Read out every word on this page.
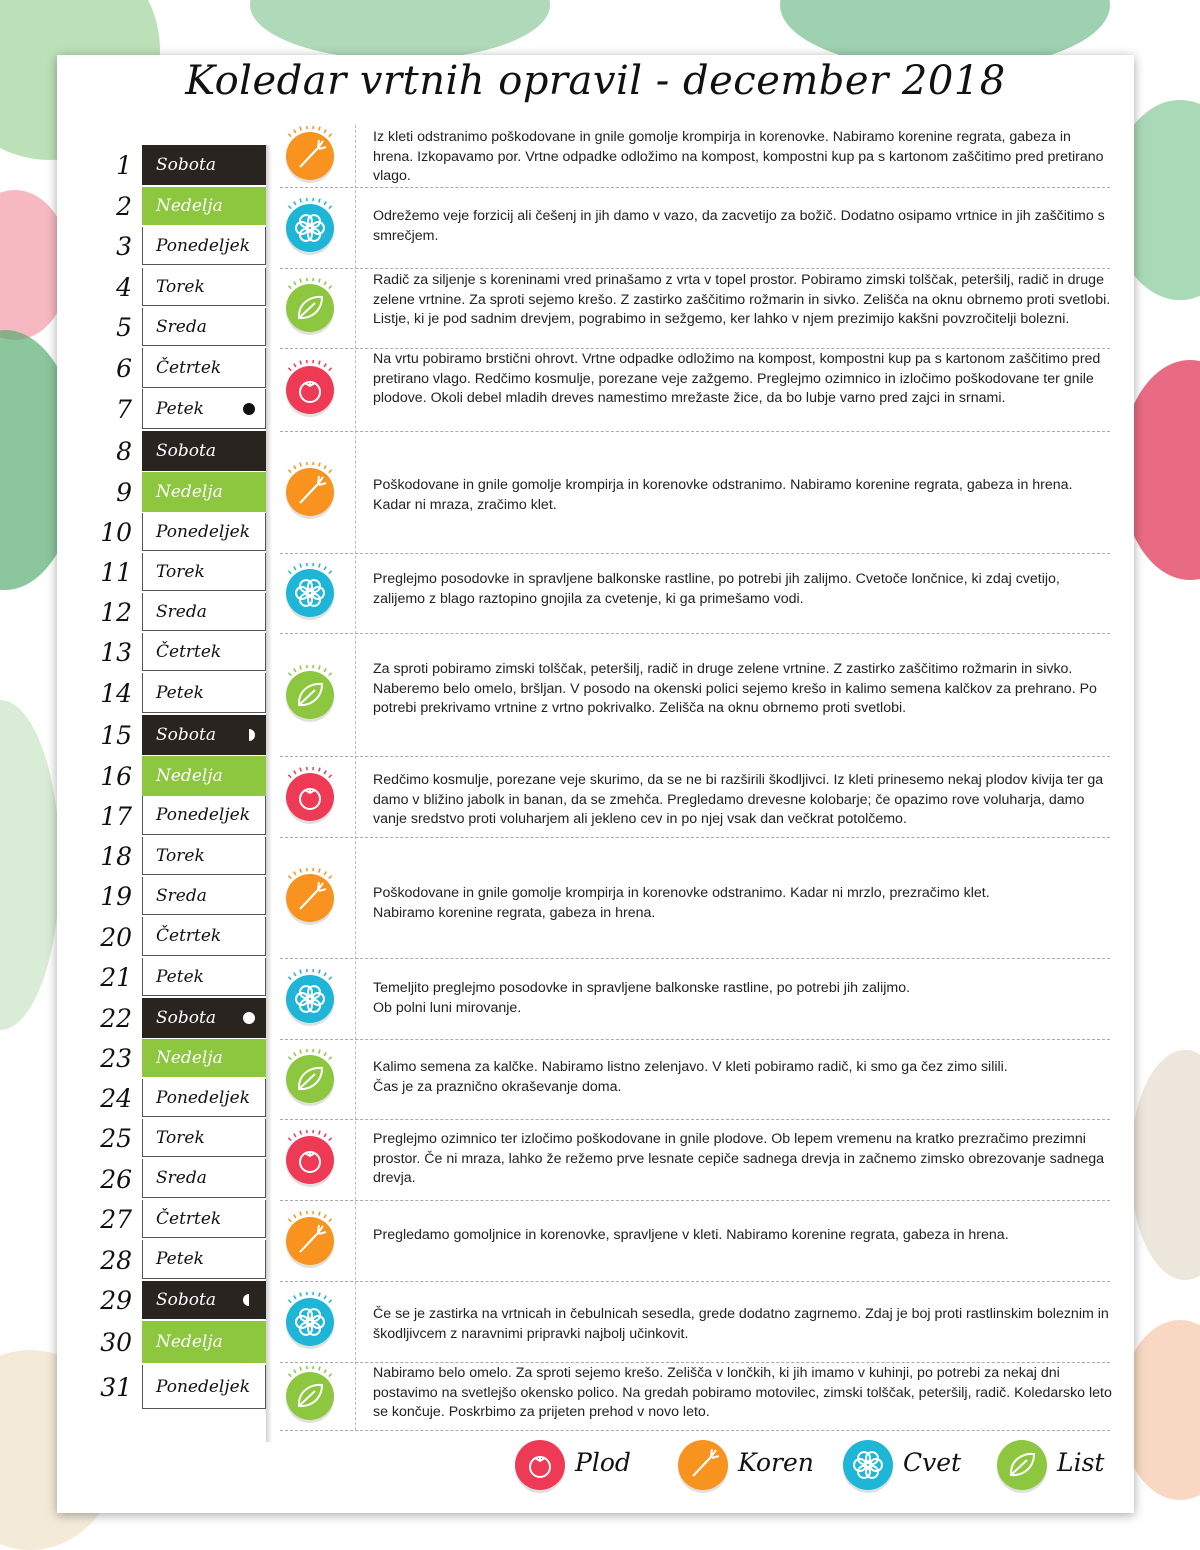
Koledar vrtnih opravil - december 2018
1 Sobota
2 Nedelja
3 Ponedeljek
4 Torek
5 Sreda
6 Četrtek
7 Petek
8 Sobota
9 Nedelja
10 Ponedeljek
11 Torek
12 Sreda
13 Četrtek
14 Petek
15 Sobota
16 Nedelja
17 Ponedeljek
18 Torek
19 Sreda
20 Četrtek
21 Petek
22 Sobota
23 Nedelja
24 Ponedeljek
25 Torek
26 Sreda
27 Četrtek
28 Petek
29 Sobota
30 Nedelja
31 Ponedeljek
Iz kleti odstranimo poškodovane in gnile gomolje krompirja in korenovke. Nabiramo korenine regrata, gabeza in hrena. Izkopavamo por. Vrtne odpadke odložimo na kompost, kompostni kup pa s kartonom zaščitimo pred pretirano vlago.
Odrežemo veje forzicij ali češenj in jih damo v vazo, da zacvetijo za božič. Dodatno osipamo vrtnice in jih zaščitimo s smrečjem.
Radič za siljenje s koreninami vred prinašamo z vrta v topel prostor. Pobiramo zimski tolščak, peteršilj, radič in druge zelene vrtnine. Za sproti sejemo krešo. Z zastirko zaščitimo rožmarin in sivko. Zelišča na oknu obrnemo proti svetlobi. Listje, ki je pod sadnim drevjem, pograbimo in sežgemo, ker lahko v njem prezimijo kakšni povzročitelji bolezni.
Na vrtu pobiramo brstični ohrovt. Vrtne odpadke odložimo na kompost, kompostni kup pa s kartonom zaščitimo pred pretirano vlago. Redčimo kosmulje, porezane veje zažgemo. Preglejmo ozimnico in izločimo poškodovane ter gnile plodove. Okoli debel mladih dreves namestimo mrežaste žice, da bo lubje varno pred zajci in srnami.
Poškodovane in gnile gomolje krompirja in korenovke odstranimo. Nabiramo korenine regrata, gabeza in hrena. Kadar ni mraza, zračimo klet.
Preglejmo posodovke in spravljene balkonske rastline, po potrebi jih zalijmo. Cvetoče lončnice, ki zdaj cvetijo, zalijemo z blago raztopino gnojila za cvetenje, ki ga primešamo vodi.
Za sproti pobiramo zimski tolščak, peteršilj, radič in druge zelene vrtnine. Z zastirko zaščitimo rožmarin in sivko. Naberemo belo omelo, bršljan. V posodo na okenski polici sejemo krešo in kalimo semena kalčkov za prehrano. Po potrebi prekrivamo vrtnine z vrtno pokrivalko. Zelišča na oknu obrnemo proti svetlobi.
Redčimo kosmulje, porezane veje skurimo, da se ne bi razširili škodljivci. Iz kleti prinesemo nekaj plodov kivija ter ga damo v bližino jabolk in banan, da se zmehča. Pregledamo drevesne kolobarje; če opazimo rove voluharja, damo vanje sredstvo proti voluharjem ali jekleno cev in po njej vsak dan večkrat potolčemo.
Poškodovane in gnile gomolje krompirja in korenovke odstranimo. Kadar ni mrzlo, prezračimo klet.
Nabiramo korenine regrata, gabeza in hrena.
Temeljito preglejmo posodovke in spravljene balkonske rastline, po potrebi jih zalijmo.
Ob polni luni mirovanje.
Kalimo semena za kalčke. Nabiramo listno zelenjavo. V kleti pobiramo radič, ki smo ga čez zimo silili.
Čas je za praznično okraševanje doma.
Preglejmo ozimnico ter izločimo poškodovane in gnile plodove. Ob lepem vremenu na kratko prezračimo prezimni prostor. Če ni mraza, lahko že režemo prve lesnate cepiče sadnega drevja in začnemo zimsko obrezovanje sadnega drevja.
Pregledamo gomoljnice in korenovke, spravljene v kleti. Nabiramo korenine regrata, gabeza in hrena.
Če se je zastirka na vrtnicah in čebulnicah sesedla, grede dodatno zagrnemo. Zdaj je boj proti rastlinskim boleznim in škodljivcem z naravnimi pripravki najbolj učinkovit.
Nabiramo belo omelo. Za sproti sejemo krešo. Zelišča v lončkih, ki jih imamo v kuhinji, po potrebi za nekaj dni postavimo na svetlejšo okensko polico. Na gredah pobiramo motovilec, zimski tolščak, peteršilj, radič. Koledarsko leto se končuje. Poskrbimo za prijeten prehod v novo leto.
Plod	Koren	Cvet	List
